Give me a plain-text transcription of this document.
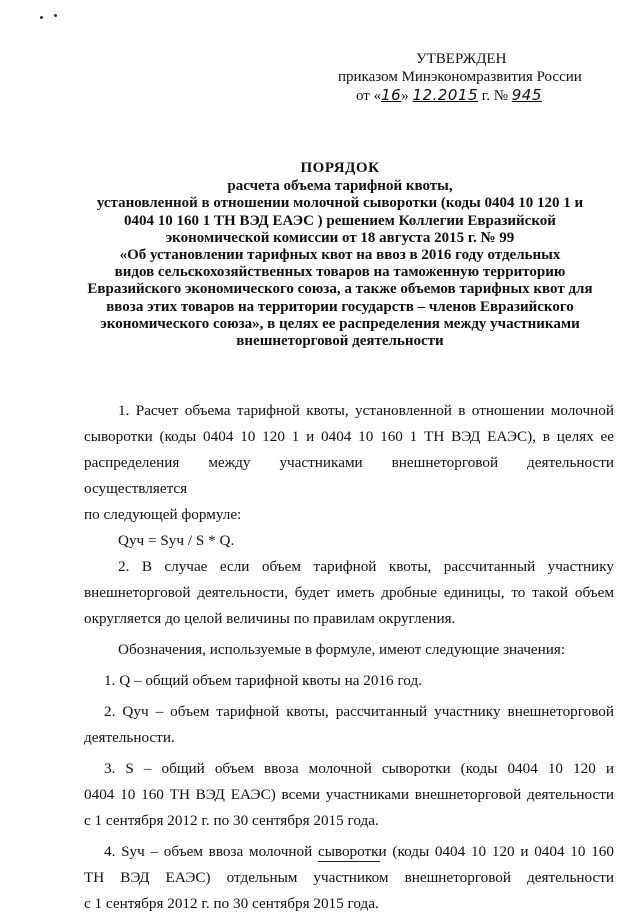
УТВЕРЖДЕН
приказом Минэкономразвития России
от «16» 12.2015 г. № 945
ПОРЯДОК
расчета объема тарифной квоты,
установленной в отношении молочной сыворотки (коды 0404 10 120 1 и
0404 10 160 1 ТН ВЭД ЕАЭС ) решением Коллегии Евразийской
экономической комиссии от 18 августа 2015 г. № 99
«Об установлении тарифных квот на ввоз в 2016 году отдельных
видов сельскохозяйственных товаров на таможенную территорию
Евразийского экономического союза, а также объемов тарифных квот для
ввоза этих товаров на территории государств – членов Евразийского
экономического союза», в целях ее распределения между участниками
внешнеторговой деятельности
1. Расчет объема тарифной квоты, установленной в отношении молочной
сыворотки (коды 0404 10 120 1 и 0404 10 160 1 ТН ВЭД ЕАЭС), в целях ее
распределения между участниками внешнеторговой деятельности осуществляется
по следующей формуле:
Qуч = Sуч / S * Q.
2. В случае если объем тарифной квоты, рассчитанный участнику
внешнеторговой деятельности, будет иметь дробные единицы, то такой объем
округляется до целой величины по правилам округления.
Обозначения, используемые в формуле, имеют следующие значения:
1. Q – общий объем тарифной квоты на 2016 год.
2. Qуч – объем тарифной квоты, рассчитанный участнику внешнеторговой
деятельности.
3. S – общий объем ввоза молочной сыворотки (коды 0404 10 120 и
0404 10 160 ТН ВЭД ЕАЭС) всеми участниками внешнеторговой деятельности
с 1 сентября 2012 г. по 30 сентября 2015 года.
4. Sуч – объем ввоза молочной сыворотки (коды 0404 10 120 и 0404 10 160
ТН ВЭД ЕАЭС) отдельным участником внешнеторговой деятельности
с 1 сентября 2012 г. по 30 сентября 2015 года.
